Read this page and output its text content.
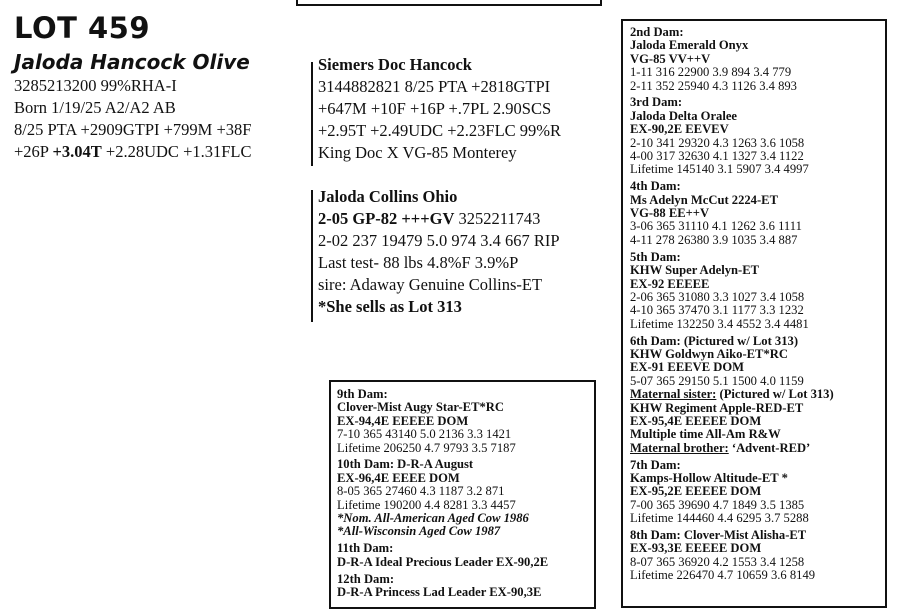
LOT 459
Jaloda Hancock Olive
3285213200 99%RHA-I
Born 1/19/25 A2/A2 AB
8/25 PTA +2909GTPI +799M +38F
+26P +3.04T +2.28UDC +1.31FLC
Siemers Doc Hancock
3144882821 8/25 PTA +2818GTPI
+647M +10F +16P +.7PL 2.90SCS
+2.95T +2.49UDC +2.23FLC 99%R
King Doc X VG-85 Monterey
Jaloda Collins Ohio
2-05 GP-82 +++GV 3252211743
2-02 237 19479 5.0 974 3.4 667 RIP
Last test- 88 lbs 4.8%F 3.9%P
sire: Adaway Genuine Collins-ET
*She sells as Lot 313
2nd Dam:
Jaloda Emerald Onyx
VG-85 VV++V
1-11 316 22900 3.9 894 3.4 779
2-11 352 25940 4.3 1126 3.4 893
3rd Dam:
Jaloda Delta Oralee
EX-90,2E EEVEV
2-10 341 29320 4.3 1263 3.6 1058
4-00 317 32630 4.1 1327 3.4 1122
Lifetime 145140 3.1 5907 3.4 4997
4th Dam:
Ms Adelyn McCut 2224-ET
VG-88 EE++V
3-06 365 31110 4.1 1262 3.6 1111
4-11 278 26380 3.9 1035 3.4 887
5th Dam:
KHW Super Adelyn-ET
EX-92 EEEEE
2-06 365 31080 3.3 1027 3.4 1058
4-10 365 37470 3.1 1177 3.3 1232
Lifetime 132250 3.4 4552 3.4 4481
6th Dam: (Pictured w/ Lot 313)
KHW Goldwyn Aiko-ET*RC
EX-91 EEEVE DOM
5-07 365 29150 5.1 1500 4.0 1159
Maternal sister: (Pictured w/ Lot 313)
KHW Regiment Apple-RED-ET
EX-95,4E EEEEE DOM
Multiple time All-Am R&W
Maternal brother: ‘Advent-RED’
7th Dam:
Kamps-Hollow Altitude-ET *
EX-95,2E EEEEE DOM
7-00 365 39690 4.7 1849 3.5 1385
Lifetime 144460 4.4 6295 3.7 5288
8th Dam: Clover-Mist Alisha-ET
EX-93,3E EEEEE DOM
8-07 365 36920 4.2 1553 3.4 1258
Lifetime 226470 4.7 10659 3.6 8149
9th Dam:
Clover-Mist Augy Star-ET*RC
EX-94,4E EEEEE DOM
7-10 365 43140 5.0 2136 3.3 1421
Lifetime 206250 4.7 9793 3.5 7187
10th Dam: D-R-A August
EX-96,4E EEEE DOM
8-05 365 27460 4.3 1187 3.2 871
Lifetime 190200 4.4 8281 3.3 4457
*Nom. All-American Aged Cow 1986
*All-Wisconsin Aged Cow 1987
11th Dam:
D-R-A Ideal Precious Leader EX-90,2E
12th Dam:
D-R-A Princess Lad Leader EX-90,3E
